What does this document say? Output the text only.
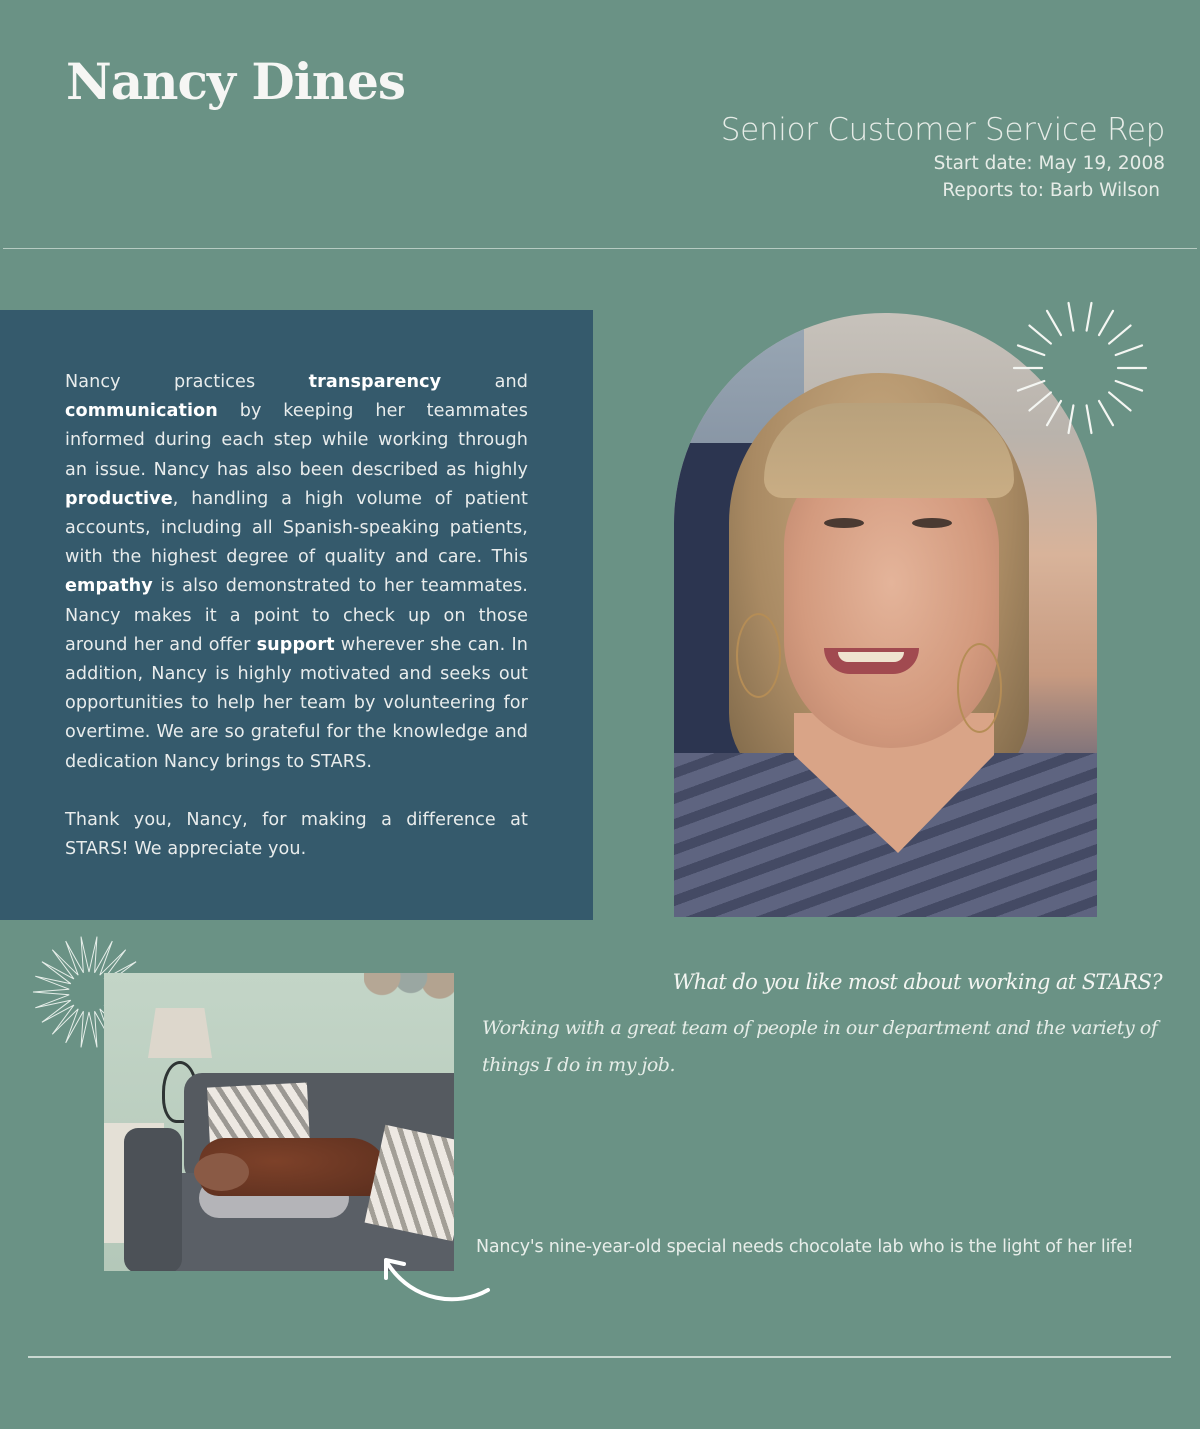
Nancy Dines
Senior Customer Service Rep
Start date: May 19, 2008
Reports to: Barb Wilson

Nancy practices transparency and communication by keeping her teammates informed during each step while working through an issue. Nancy has also been described as highly productive, handling a high volume of patient accounts, including all Spanish-speaking patients, with the highest degree of quality and care. This empathy is also demonstrated to her teammates. Nancy makes it a point to check up on those around her and offer support wherever she can. In addition, Nancy is highly motivated and seeks out opportunities to help her team by volunteering for overtime. We are so grateful for the knowledge and dedication Nancy brings to STARS.

Thank you, Nancy, for making a difference at STARS! We appreciate you.

What do you like most about working at STARS?
Working with a great team of people in our department and the variety of things I do in my job.
Nancy's nine-year-old special needs chocolate lab who is the light of her life!
